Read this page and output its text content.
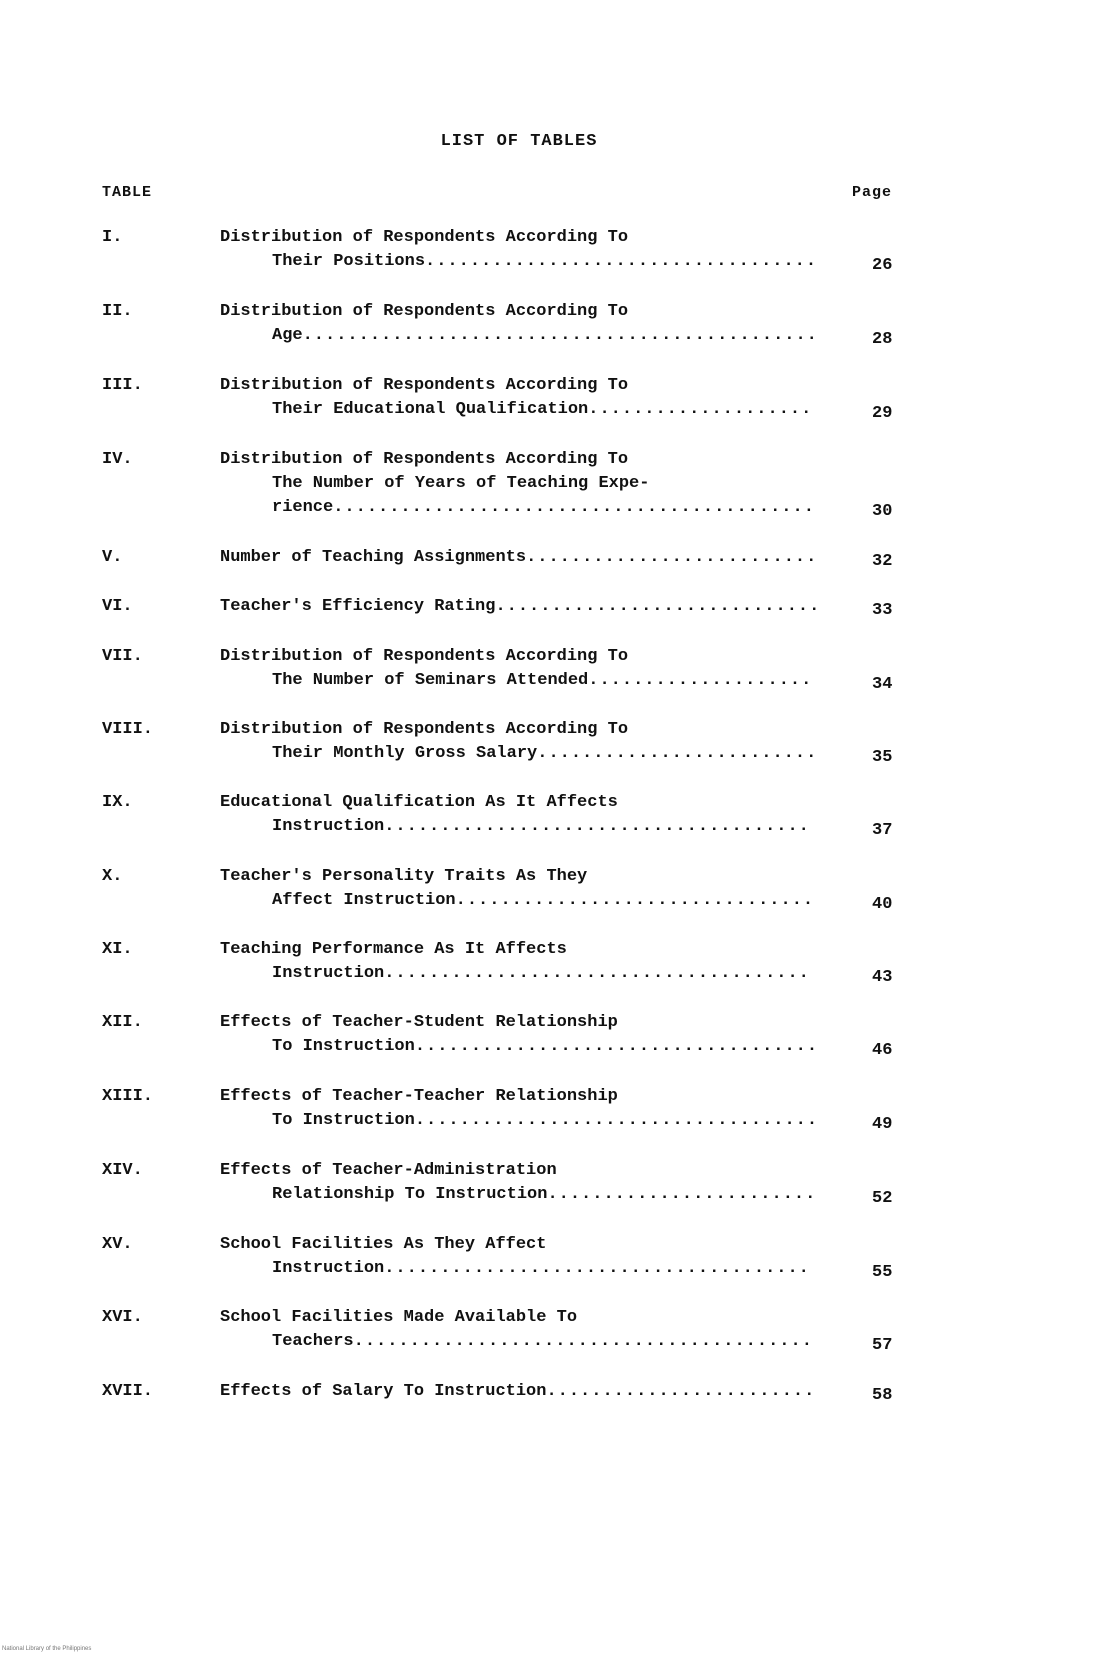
LIST OF TABLES
TABLE	Page
I.	Distribution of Respondents According To
Their Positions...................................	26
II.	Distribution of Respondents According To
Age..............................................	28
III.	Distribution of Respondents According To
Their Educational Qualification....................	29
IV.	Distribution of Respondents According To
The Number of Years of Teaching Expe-
rience...........................................	30
V.	Number of Teaching Assignments..........................	32
VI.	Teacher's Efficiency Rating.............................	33
VII.	Distribution of Respondents According To
The Number of Seminars Attended....................	34
VIII.	Distribution of Respondents According To
Their Monthly Gross Salary.........................	35
IX.	Educational Qualification As It Affects
Instruction......................................	37
X.	Teacher's Personality Traits As They
Affect Instruction................................	40
XI.	Teaching Performance As It Affects
Instruction......................................	43
XII.	Effects of Teacher-Student Relationship
To Instruction....................................	46
XIII.	Effects of Teacher-Teacher Relationship
To Instruction....................................	49
XIV.	Effects of Teacher-Administration
Relationship To Instruction........................	52
XV.	School Facilities As They Affect
Instruction......................................	55
XVI.	School Facilities Made Available To
Teachers.........................................	57
XVII.	Effects of Salary To Instruction........................	58
National Library of the Philippines
